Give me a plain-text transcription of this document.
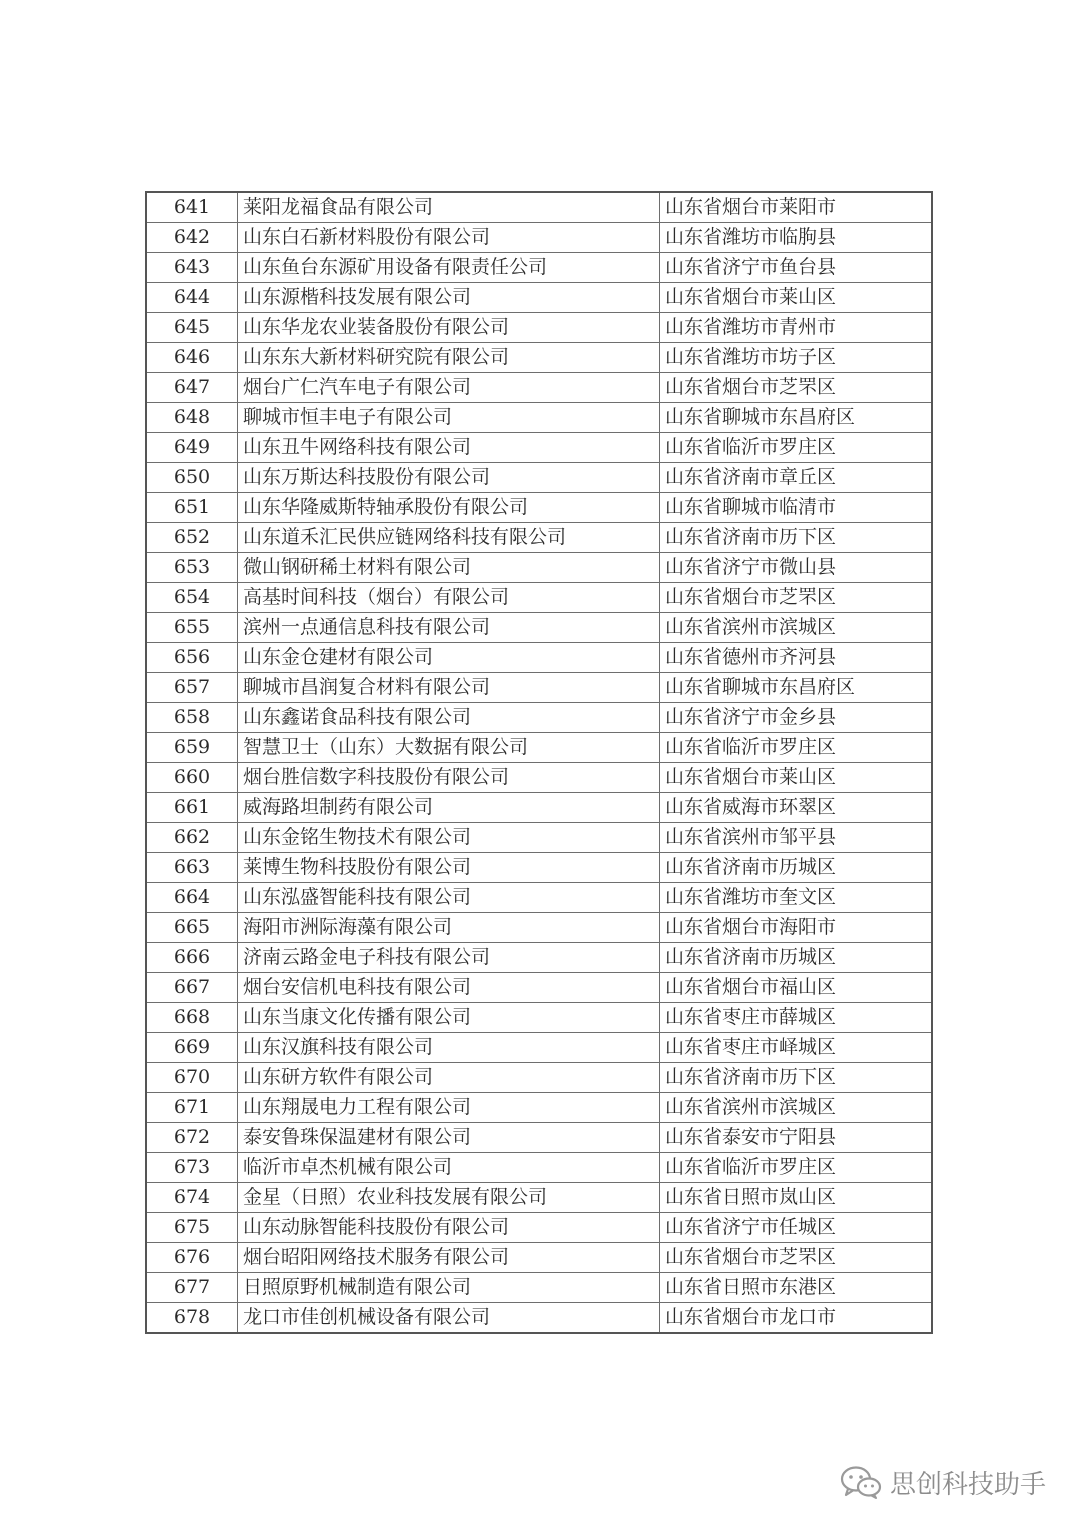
641	莱阳龙福食品有限公司	山东省烟台市莱阳市
642	山东白石新材料股份有限公司	山东省潍坊市临朐县
643	山东鱼台东源矿用设备有限责任公司	山东省济宁市鱼台县
644	山东源楷科技发展有限公司	山东省烟台市莱山区
645	山东华龙农业装备股份有限公司	山东省潍坊市青州市
646	山东东大新材料研究院有限公司	山东省潍坊市坊子区
647	烟台广仁汽车电子有限公司	山东省烟台市芝罘区
648	聊城市恒丰电子有限公司	山东省聊城市东昌府区
649	山东丑牛网络科技有限公司	山东省临沂市罗庄区
650	山东万斯达科技股份有限公司	山东省济南市章丘区
651	山东华隆威斯特轴承股份有限公司	山东省聊城市临清市
652	山东道禾汇民供应链网络科技有限公司	山东省济南市历下区
653	微山钢研稀土材料有限公司	山东省济宁市微山县
654	高基时间科技（烟台）有限公司	山东省烟台市芝罘区
655	滨州一点通信息科技有限公司	山东省滨州市滨城区
656	山东金仓建材有限公司	山东省德州市齐河县
657	聊城市昌润复合材料有限公司	山东省聊城市东昌府区
658	山东鑫诺食品科技有限公司	山东省济宁市金乡县
659	智慧卫士（山东）大数据有限公司	山东省临沂市罗庄区
660	烟台胜信数字科技股份有限公司	山东省烟台市莱山区
661	威海路坦制药有限公司	山东省威海市环翠区
662	山东金铭生物技术有限公司	山东省滨州市邹平县
663	莱博生物科技股份有限公司	山东省济南市历城区
664	山东泓盛智能科技有限公司	山东省潍坊市奎文区
665	海阳市洲际海藻有限公司	山东省烟台市海阳市
666	济南云路金电子科技有限公司	山东省济南市历城区
667	烟台安信机电科技有限公司	山东省烟台市福山区
668	山东当康文化传播有限公司	山东省枣庄市薛城区
669	山东汉旗科技有限公司	山东省枣庄市峄城区
670	山东研方软件有限公司	山东省济南市历下区
671	山东翔晟电力工程有限公司	山东省滨州市滨城区
672	泰安鲁珠保温建材有限公司	山东省泰安市宁阳县
673	临沂市卓杰机械有限公司	山东省临沂市罗庄区
674	金星（日照）农业科技发展有限公司	山东省日照市岚山区
675	山东动脉智能科技股份有限公司	山东省济宁市任城区
676	烟台昭阳网络技术服务有限公司	山东省烟台市芝罘区
677	日照原野机械制造有限公司	山东省日照市东港区
678	龙口市佳创机械设备有限公司	山东省烟台市龙口市
思创科技助手
